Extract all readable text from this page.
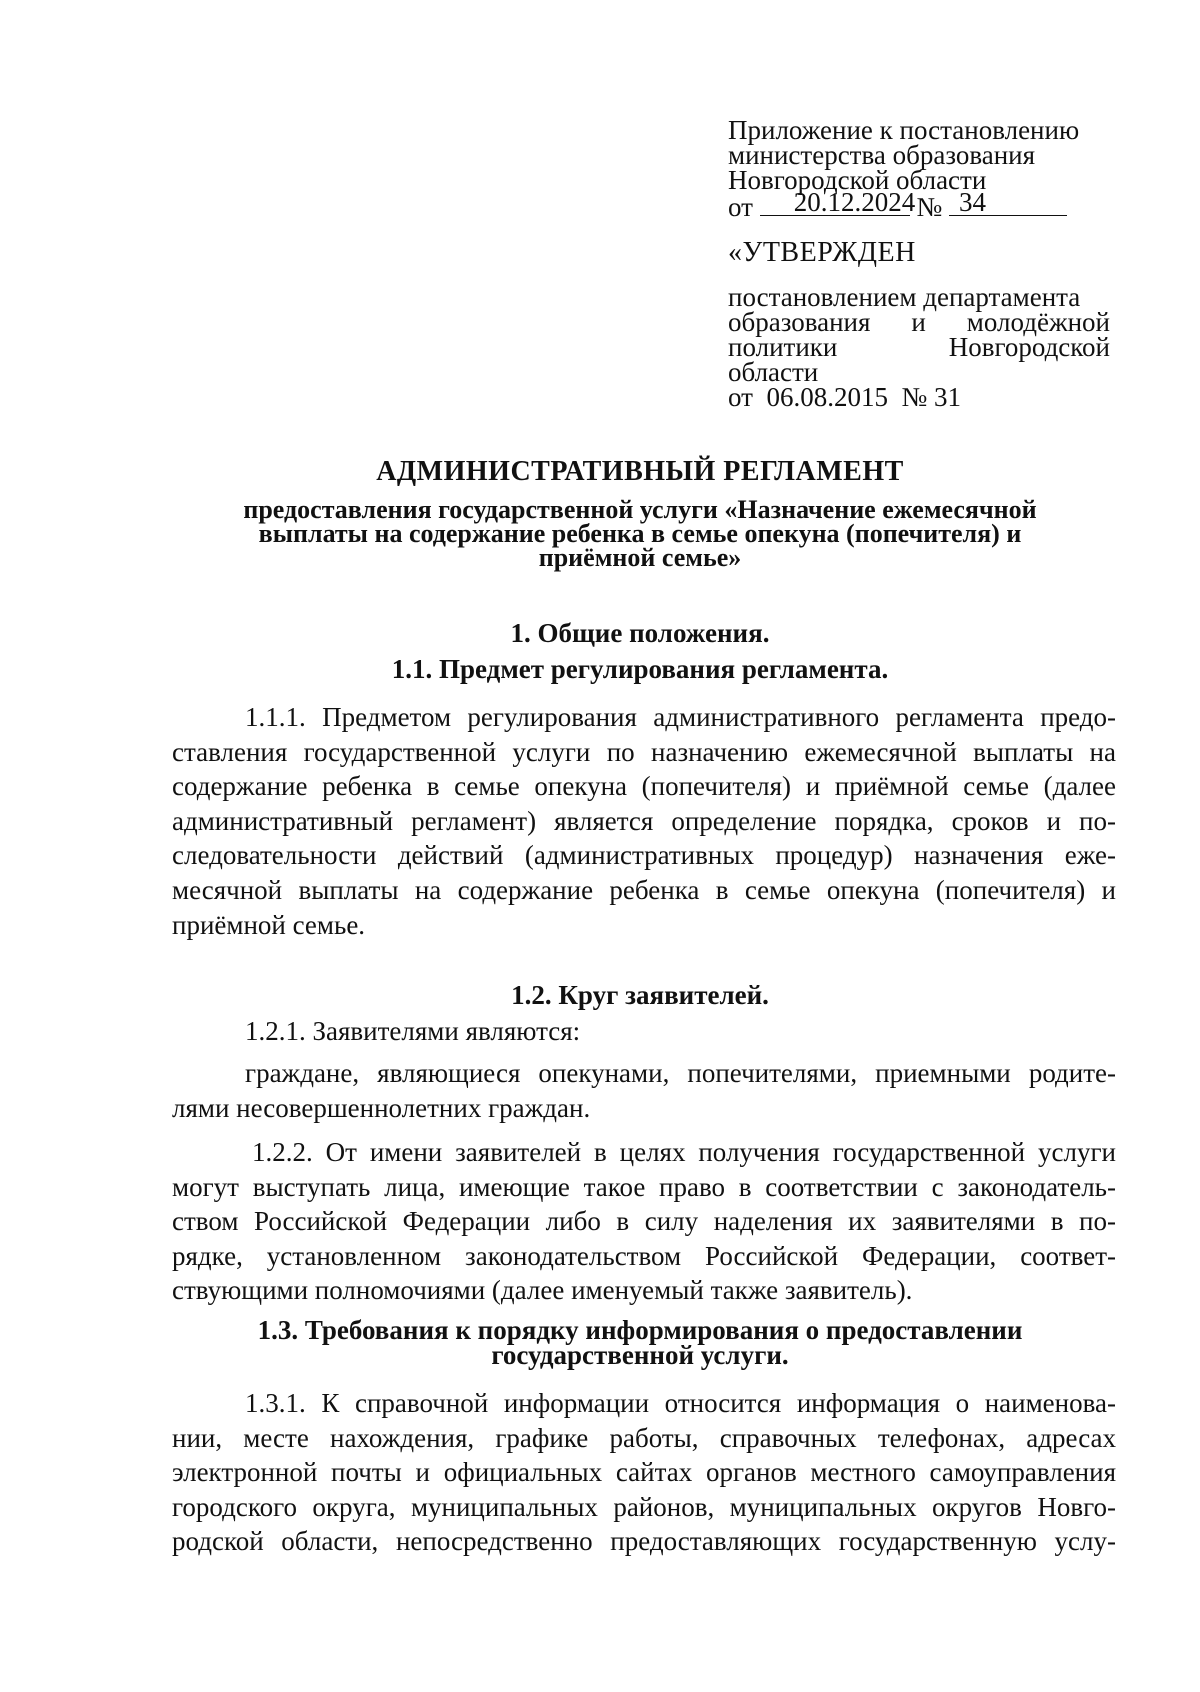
Приложение к постановлению
министерства образования
Новгородской области
от 20.12.2024 № 34
«УТВЕРЖДЕН
постановлением департамента
образования и молодёжной
политики	Новгородской
области
от  06.08.2015  № 31
АДМИНИСТРАТИВНЫЙ РЕГЛАМЕНТ
предоставления государственной услуги «Назначение ежемесячной
выплаты на содержание ребенка в семье опекуна (попечителя) и
приёмной семье»
1. Общие положения.
1.1. Предмет регулирования регламента.
1.1.1. Предметом регулирования административного регламента предо-
ставления государственной услуги по назначению ежемесячной выплаты на
содержание ребенка в семье опекуна (попечителя) и приёмной семье (далее
административный регламент) является определение порядка, сроков и по-
следовательности действий (административных процедур) назначения еже-
месячной выплаты на содержание ребенка в семье опекуна (попечителя) и
приёмной семье.
1.2. Круг заявителей.
1.2.1. Заявителями являются:
граждане, являющиеся опекунами, попечителями, приемными родите-
лями несовершеннолетних граждан.
1.2.2. От имени заявителей в целях получения государственной услуги
могут выступать лица, имеющие такое право в соответствии с законодатель-
ством Российской Федерации либо в силу наделения их заявителями в по-
рядке, установленном законодательством Российской Федерации, соответ-
ствующими полномочиями (далее именуемый также заявитель).
1.3. Требования к порядку информирования о предоставлении
государственной услуги.
1.3.1. К справочной информации относится информация о наименова-
нии, месте нахождения, графике работы, справочных телефонах, адресах
электронной почты и официальных сайтах органов местного самоуправления
городского округа, муниципальных районов, муниципальных округов Новго-
родской области, непосредственно предоставляющих государственную услу-
